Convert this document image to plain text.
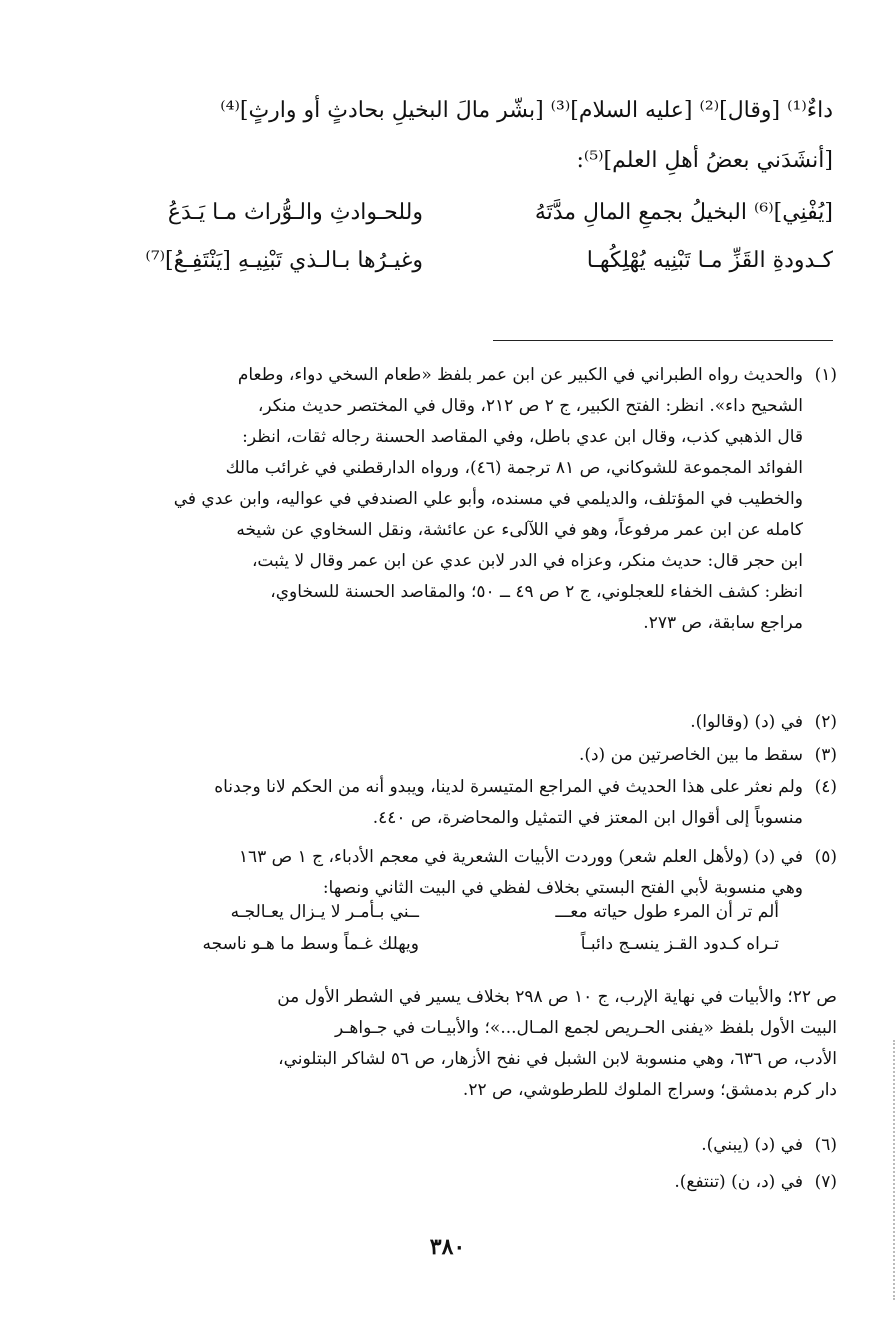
داءٌ⁽¹⁾ [وقال]⁽²⁾ [عليه السلام]⁽³⁾ [بشّر مالَ البخيلِ بحادثٍ أو وارثٍ]⁽⁴⁾
[أنشَدَني بعضُ أهلِ العلم]⁽⁵⁾:
[يُفْنِي]⁽⁶⁾ البخيلُ بجمعِ المالِ مدَّتَهُ
وللحـوادثِ والـوُّراث مـا يَـدَعُ
كـدودةِ القَزِّ مـا تَبْنِيه يُهْلِكُهـا
وغيـرُها بـالـذي تَبْنِيـهِ [يَنْتَفِـعُ]⁽⁷⁾
(١)

والحديث رواه الطبراني في الكبير عن ابن عمر بلفظ «طعام السخي دواء، وطعام

الشحيح داء». انظر: الفتح الكبير، ج ٢ ص ٢١٢، وقال في المختصر حديث منكر،

قال الذهبي كذب، وقال ابن عدي باطل، وفي المقاصد الحسنة رجاله ثقات، انظر:

الفوائد المجموعة للشوكاني، ص ٨١ ترجمة (٤٦)، ورواه الدارقطني في غرائب مالك

والخطيب في المؤتلف، والديلمي في مسنده، وأبو علي الصندفي في عواليه، وابن عدي في

كامله عن ابن عمر مرفوعاً، وهو في اللآلىء عن عائشة، ونقل السخاوي عن شيخه

ابن حجر قال: حديث منكر، وعزاه في الدر لابن عدي عن ابن عمر وقال لا يثبت،

انظر: كشف الخفاء للعجلوني، ج ٢ ص ٤٩ ــ ٥٠؛ والمقاصد الحسنة للسخاوي،

مراجع سابقة، ص ٢٧٣.

(٢)

في (د) (وقالوا).

(٣)

سقط ما بين الخاصرتين من (د).

(٤)

ولم نعثر على هذا الحديث في المراجع المتيسرة لدينا، ويبدو أنه من الحكم لانا وجدناه

منسوباً إلى أقوال ابن المعتز في التمثيل والمحاضرة، ص ٤٤٠.

(٥)

في (د) (ولأهل العلم شعر) ووردت الأبيات الشعرية في معجم الأدباء، ج ١ ص ١٦٣

وهي منسوبة لأبي الفتح البستي بخلاف لفظي في البيت الثاني ونصها:

ألم تر أن المرء طول حياته معـــ
ــني بـأمـر لا يـزال يعـالجـه
تـراه كـدود القـز ينسـج دائبـاً
ويهلك غـماً وسط ما هـو ناسجه

ص ٢٢؛ والأبيات في نهاية الإرب، ج ١٠ ص ٢٩٨ بخلاف يسير في الشطر الأول من

البيت الأول بلفظ «يفنى الحـريص لجمع المـال...»؛ والأبيـات في جـواهـر

الأدب، ص ٦٣٦، وهي منسوبة لابن الشبل في نفح الأزهار، ص ٥٦ لشاكر البتلوني،

دار كرم بدمشق؛ وسراج الملوك للطرطوشي، ص ٢٢.

(٦)

في (د) (يبني).

(٧)

في (د، ن) (تنتفع).

٣٨٠
